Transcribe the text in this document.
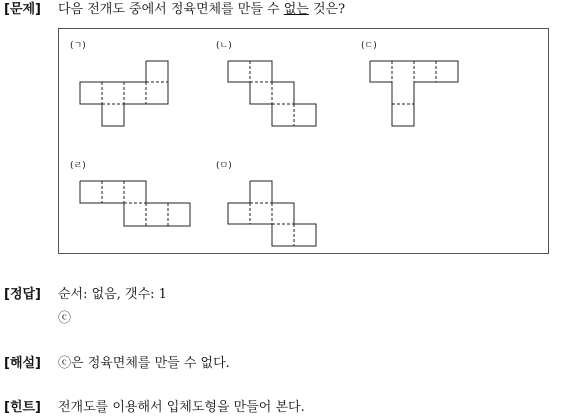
[문제] 다음 전개도 중에서 정육면체를 만들 수 없는 것은?
(ㄱ)	(ㄴ)	(ㄷ)
(ㄹ)	(ㅁ)
[정답] 순서: 없음, 갯수: 1
ⓒ
[해설] ⓒ은 정육면체를 만들 수 없다.
[힌트] 전개도를 이용해서 입체도형을 만들어 본다.
